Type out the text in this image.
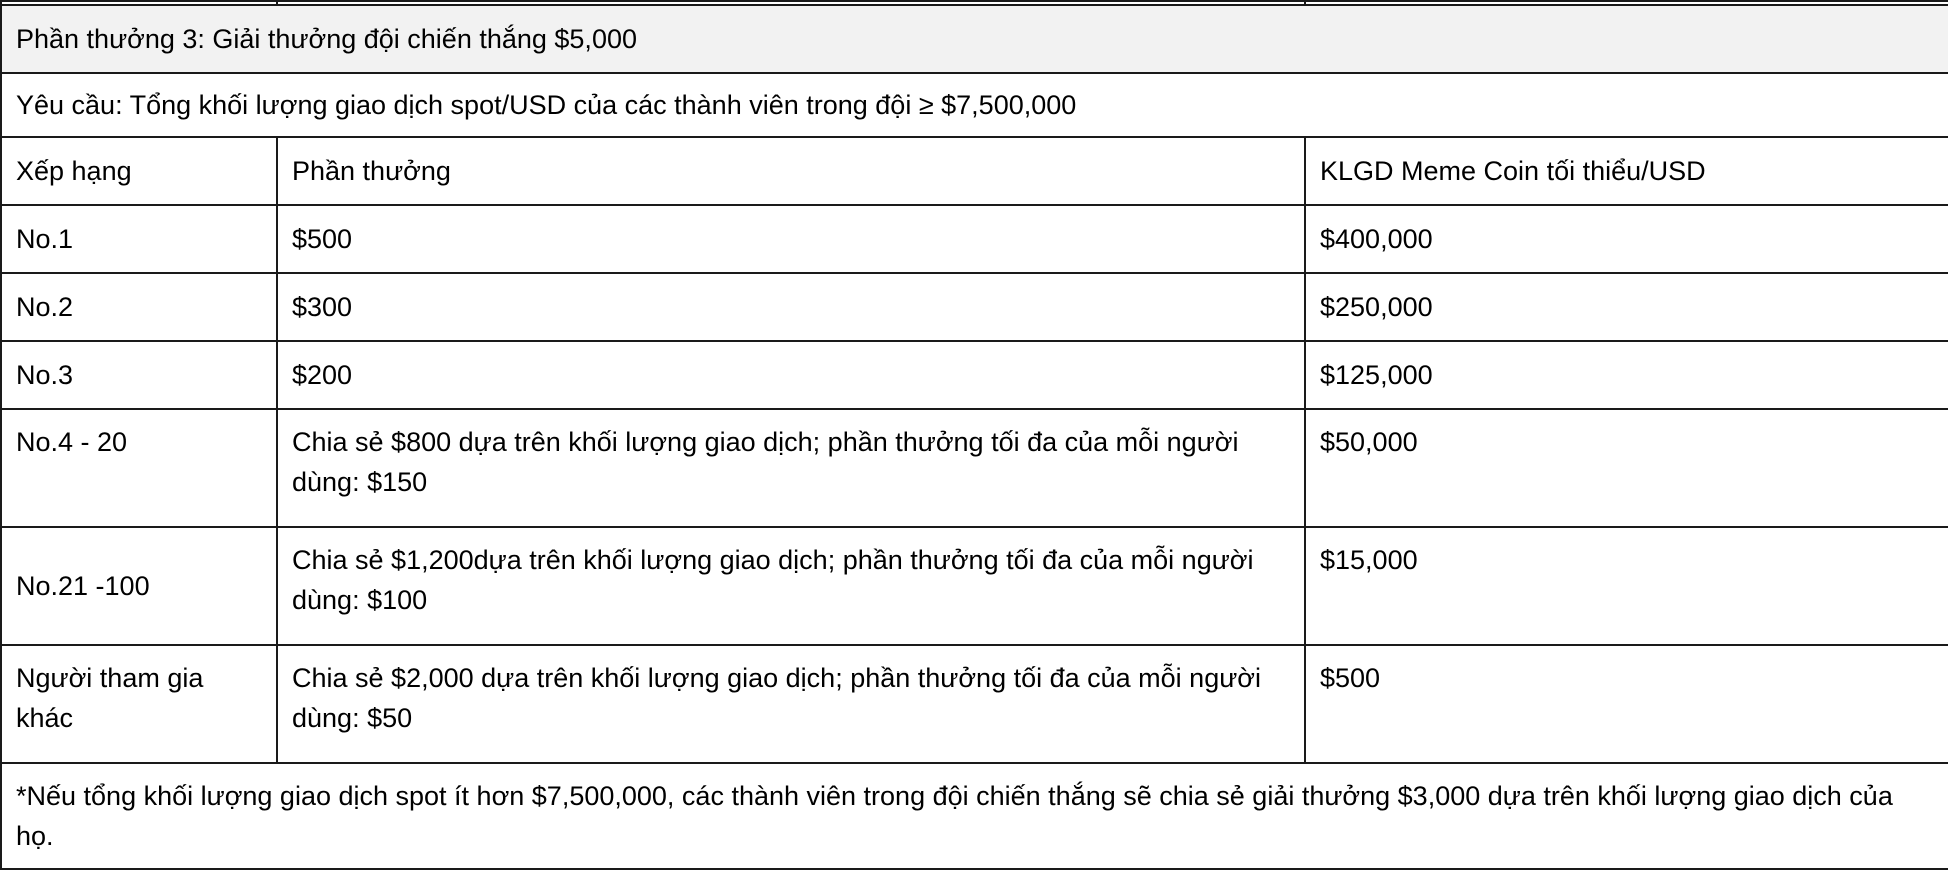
Phần thưởng 3: Giải thưởng đội chiến thắng $5,000		
Yêu cầu: Tổng khối lượng giao dịch spot/USD của các thành viên trong đội ≥ $7,500,000		
Xếp hạng	Phần thưởng	KLGD Meme Coin tối thiểu/USD
No.1	$500	$400,000
No.2	$300	$250,000
No.3	$200	$125,000
No.4 - 20	Chia sẻ $800 dựa trên khối lượng giao dịch; phần thưởng tối đa của mỗi người dùng: $150	$50,000
No.21 -100	Chia sẻ $1,200dựa trên khối lượng giao dịch; phần thưởng tối đa của mỗi người dùng: $100	$15,000
Người tham gia khác	Chia sẻ $2,000 dựa trên khối lượng giao dịch; phần thưởng tối đa của mỗi người dùng: $50	$500
*Nếu tổng khối lượng giao dịch spot ít hơn $7,500,000, các thành viên trong đội chiến thắng sẽ chia sẻ giải thưởng $3,000 dựa trên khối lượng giao dịch của họ.		
